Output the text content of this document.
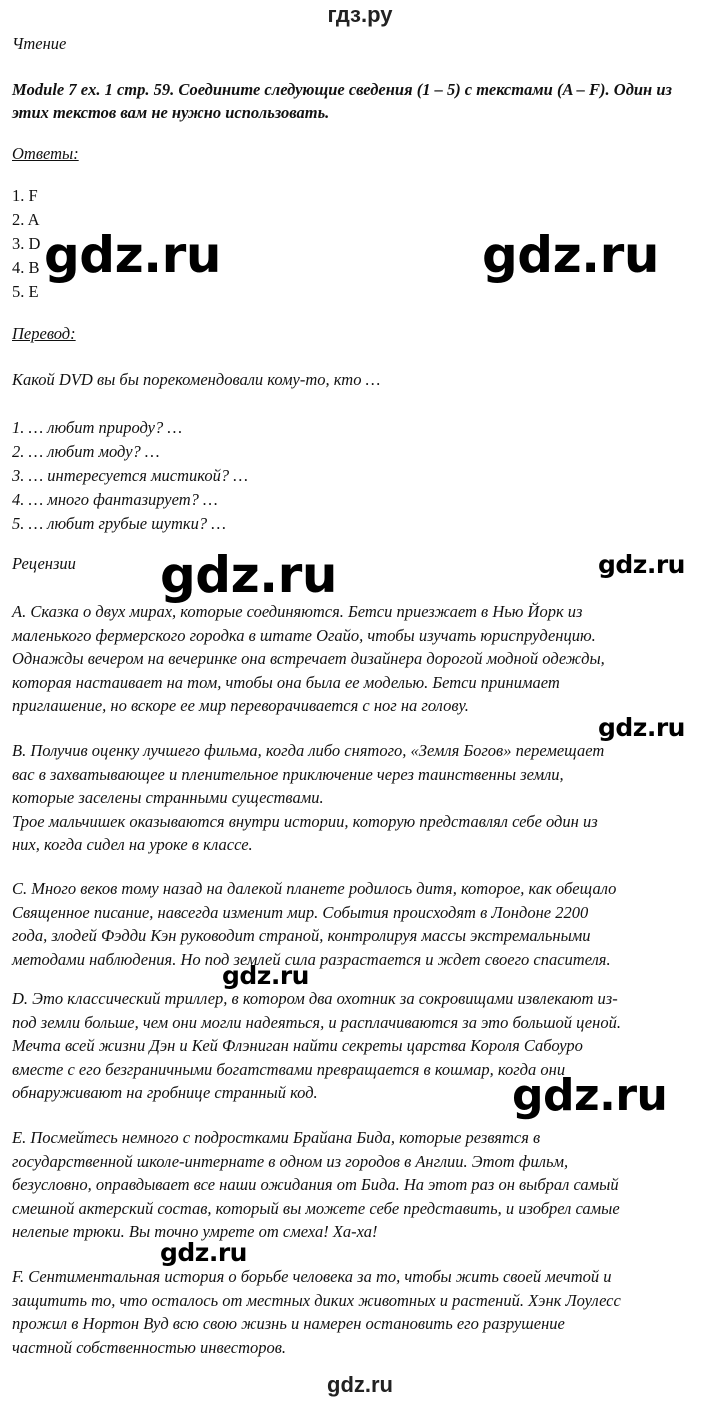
гдз.ру
Чтение
Module 7 ex. 1 стр. 59. Соедините следующие сведения (1 – 5) с текстами (A – F). Один из этих текстов вам не нужно использовать.
Ответы:
1. F
2. A
3. D
4. B
5. E
Перевод:
Какой DVD вы бы порекомендовали кому-то, кто …
1. … любит природу? …
2. … любит моду? …
3. … интересуется мистикой? …
4. … много фантазирует? …
5. … любит грубые шутки? …
Рецензии
A. Сказка о двух мирах, которые соединяются. Бетси приезжает в Нью Йорк из
маленького фермерского городка в штате Огайо, чтобы изучать юриспруденцию.
Однажды вечером на вечеринке она встречает дизайнера дорогой модной одежды,
которая настаивает на том, чтобы она была ее моделью. Бетси принимает
приглашение, но вскоре ее мир переворачивается с ног на голову.
B. Получив оценку лучшего фильма, когда либо снятого, «Земля Богов» перемещает
вас в захватывающее и пленительное приключение через таинственны земли,
которые заселены странными существами.
Трое мальчишек оказываются внутри истории, которую представлял себе один из
них, когда сидел на уроке в классе.
C. Много веков тому назад на далекой планете родилось дитя, которое, как обещало
Священное писание, навсегда изменит мир. События происходят в Лондоне 2200
года, злодей Фэдди Кэн руководит страной, контролируя массы экстремальными
методами наблюдения. Но под землей сила разрастается и ждет своего спасителя.
D. Это классический триллер, в котором два охотник за сокровищами извлекают из-
под земли больше, чем они могли надеяться, и расплачиваются за это большой ценой.
Мечта всей жизни Дэн и Кей Флэниган найти секреты царства Короля Сабоуро
вместе с его безграничными богатствами превращается в кошмар, когда они
обнаруживают на гробнице странный код.
E. Посмейтесь немного с подростками Брайана Бида, которые резвятся в
государственной школе-интернате в одном из городов в Англии. Этот фильм,
безусловно, оправдывает все наши ожидания от Бида. На этот раз он выбрал самый
смешной актерский состав, который вы можете себе представить, и изобрел самые
нелепые трюки. Вы точно умрете от смеха! Ха-ха!
F. Сентиментальная история о борьбе человека за то, чтобы жить своей мечтой и
защитить то, что осталось от местных диких животных и растений. Хэнк Лоулесс
прожил в Нортон Вуд всю свою жизнь и намерен остановить его разрушение
частной собственностью инвесторов.
gdz.ru	gdz.ru
gdz.ru	gdz.ru
gdz.ru
gdz.ru
gdz.ru
gdz.ru
gdz.ru
